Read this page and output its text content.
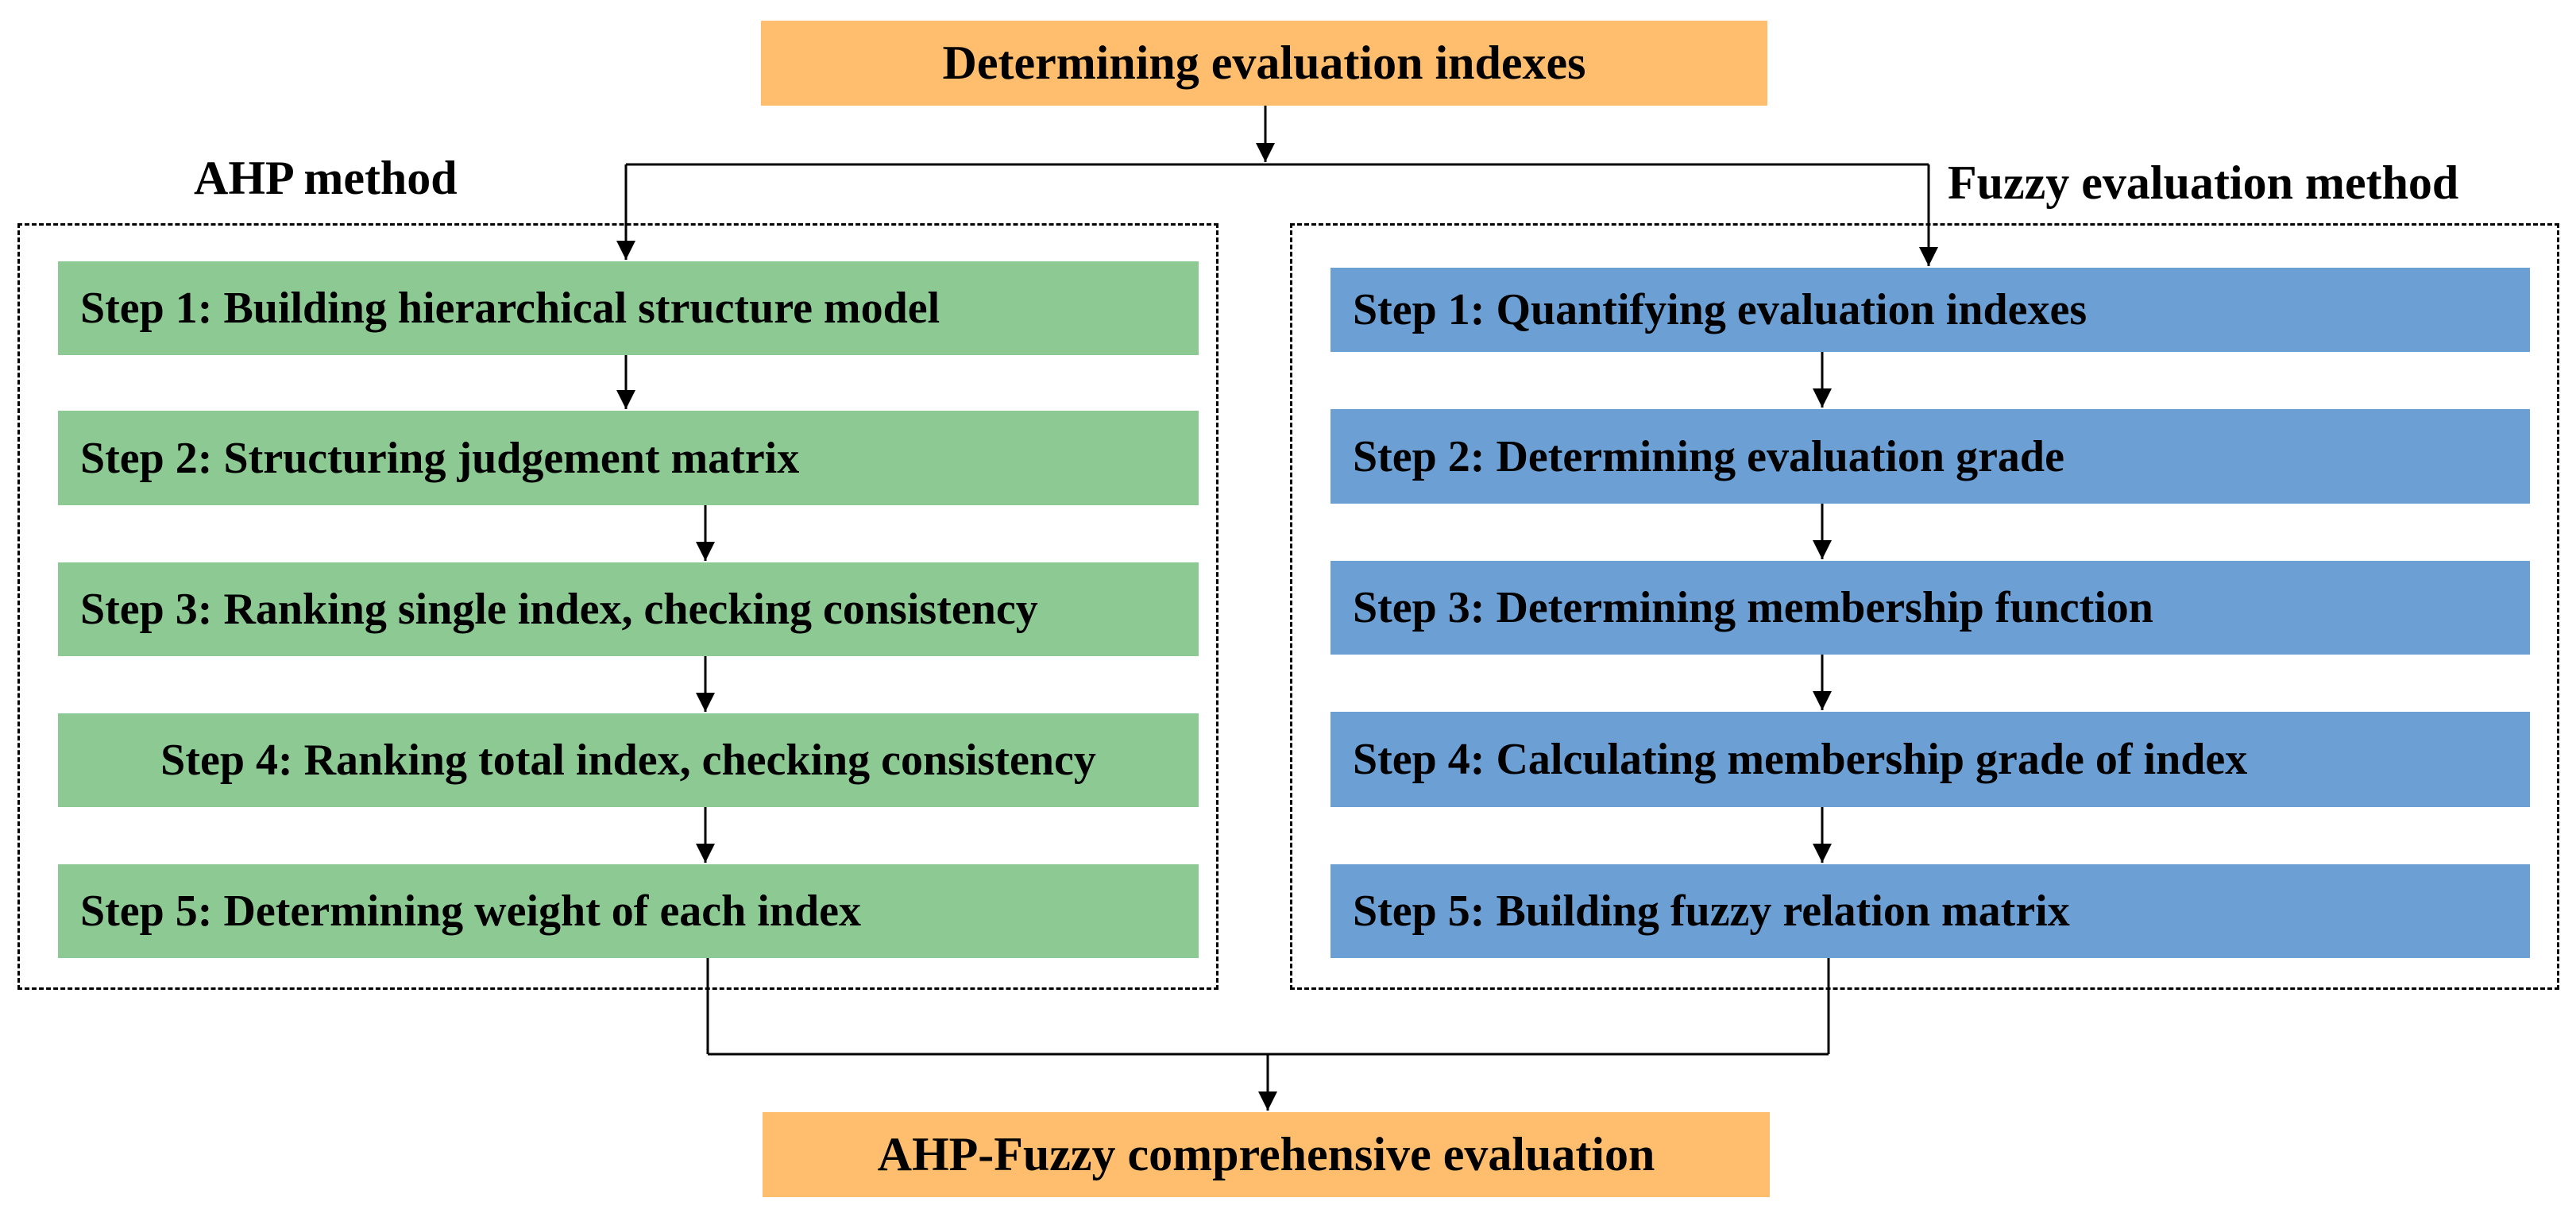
Determining evaluation indexes
AHP-Fuzzy comprehensive evaluation
AHP method	Fuzzy evaluation method
Step 1: Building hierarchical structure model
Step 2: Structuring judgement matrix
Step 3: Ranking single index, checking consistency
Step 4: Ranking total index, checking consistency
Step 5: Determining weight of each index
Step 1: Quantifying evaluation indexes
Step 2: Determining evaluation grade
Step 3: Determining membership function
Step 4: Calculating membership grade of index
Step 5: Building fuzzy relation matrix
